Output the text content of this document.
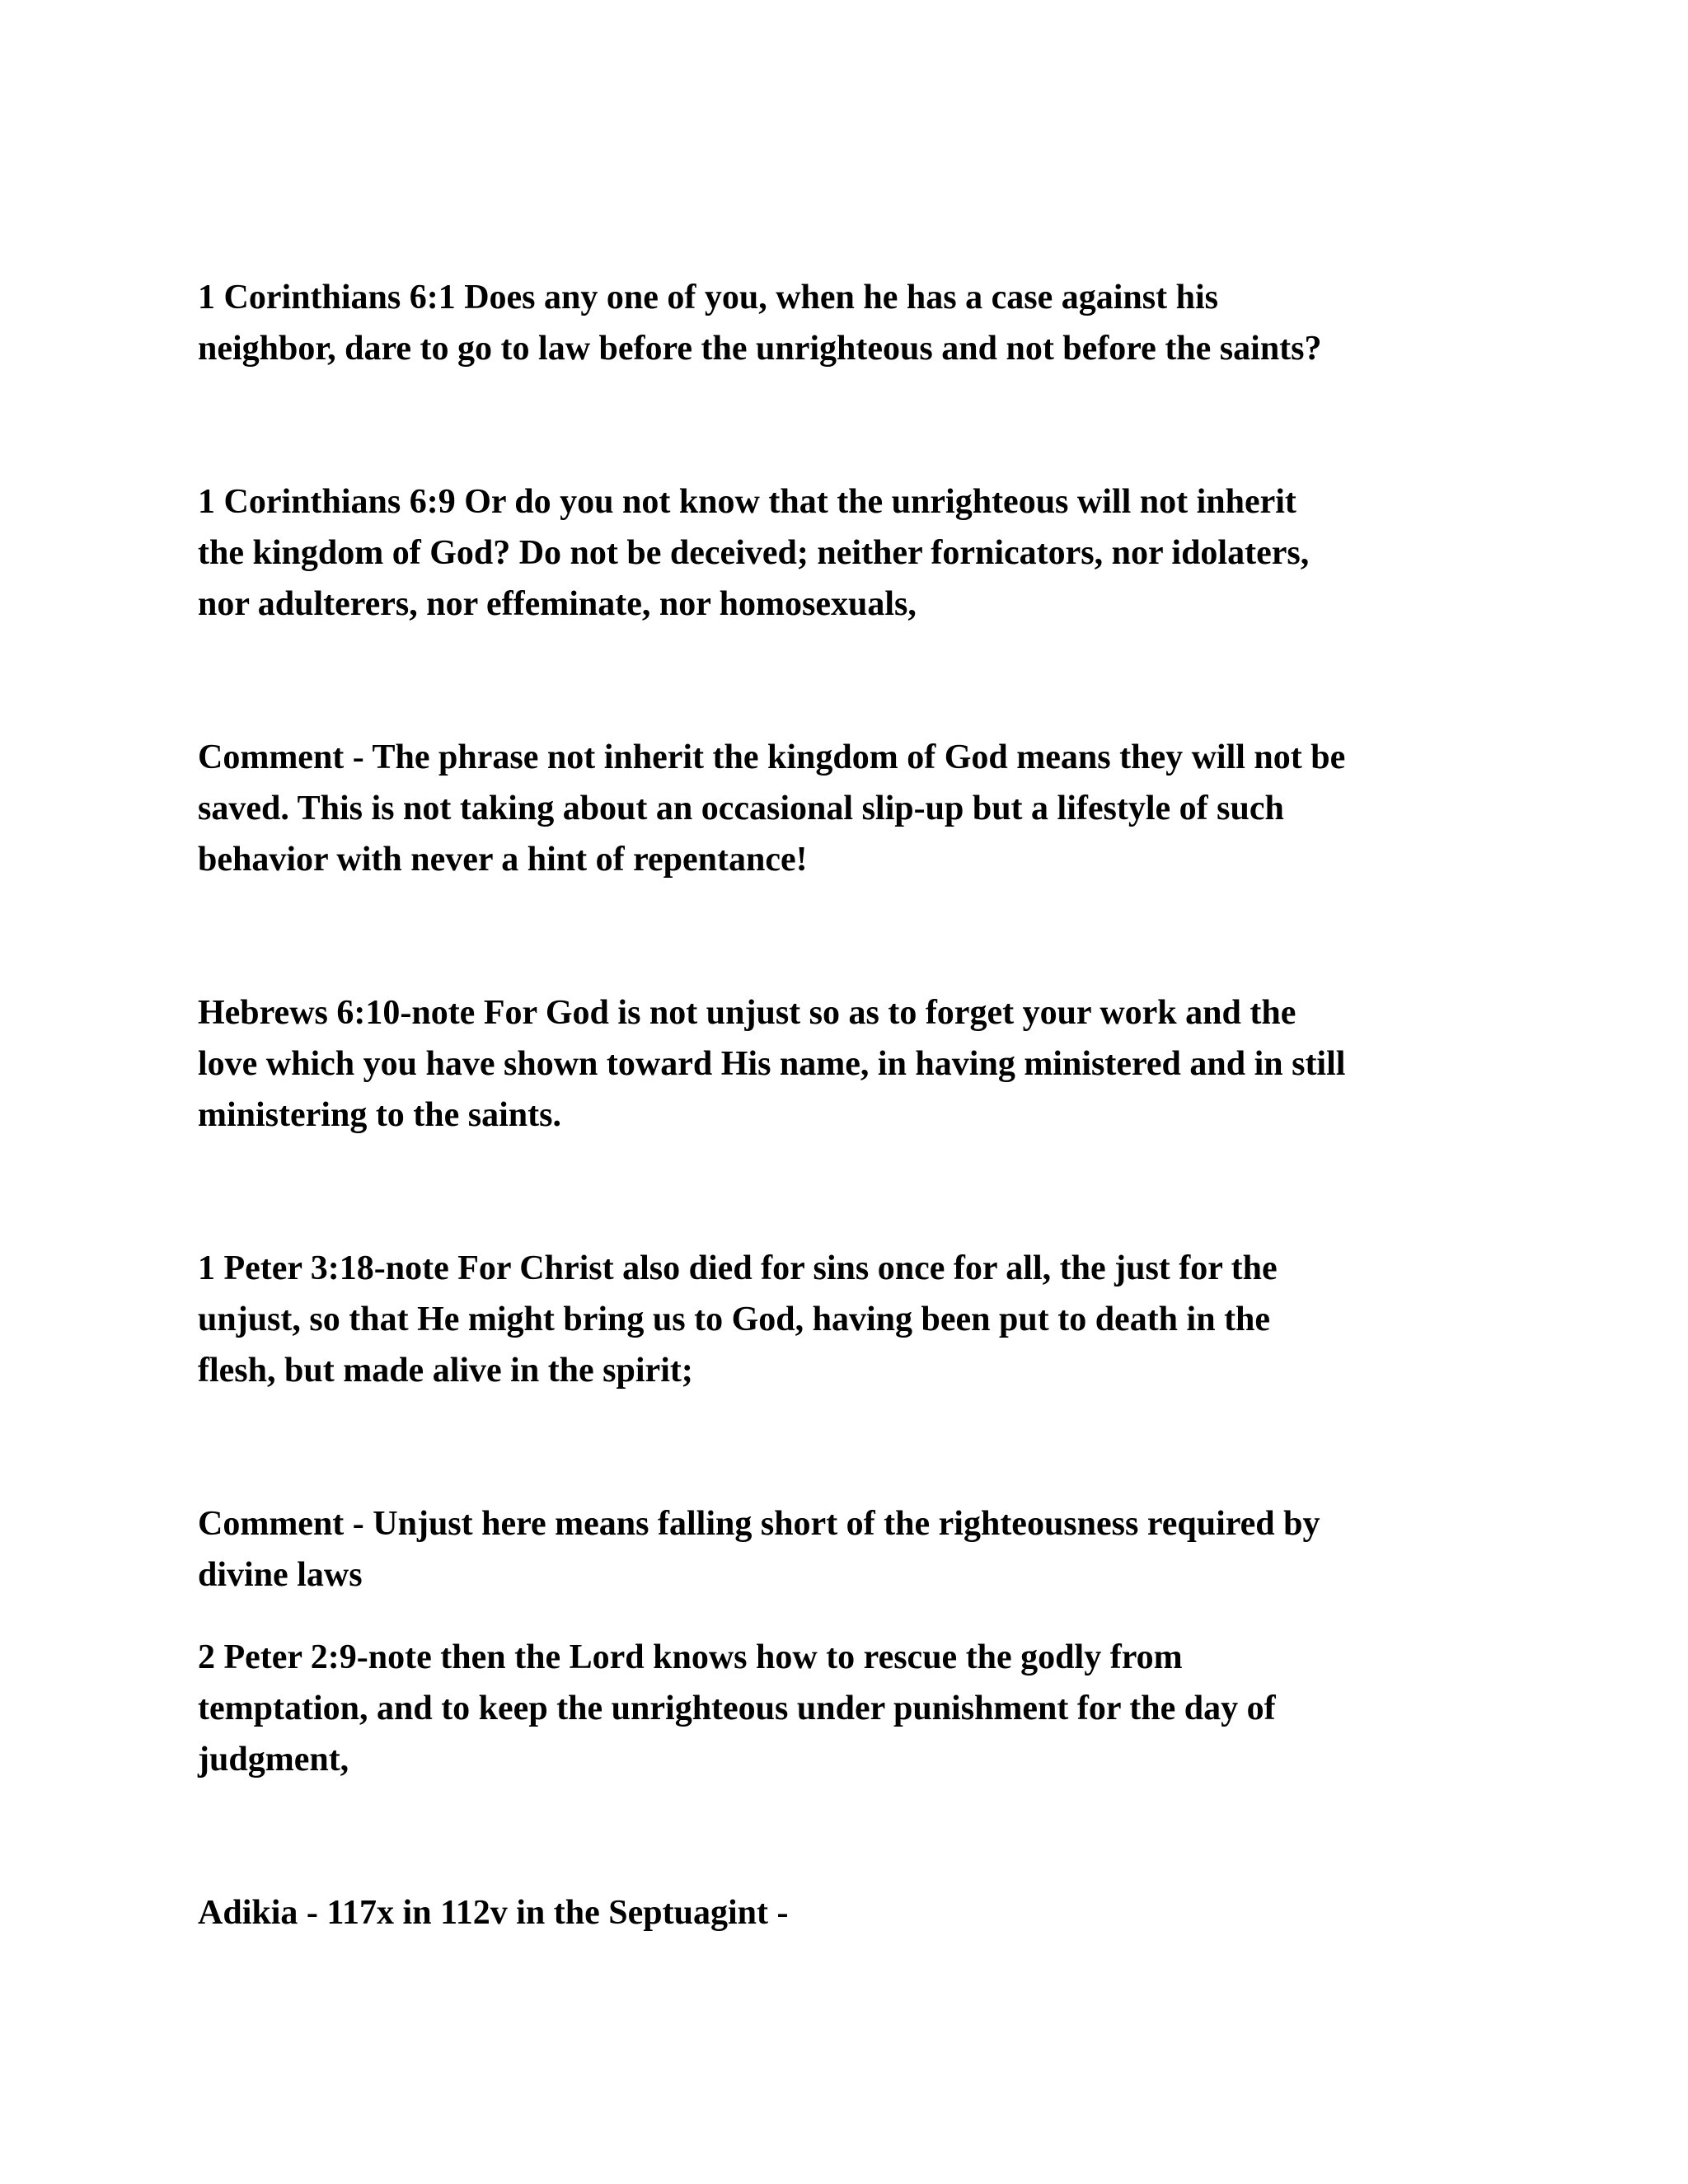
1 Corinthians 6:1 Does any one of you, when he has a case against his
neighbor, dare to go to law before the unrighteous and not before the saints?

1 Corinthians 6:9 Or do you not know that the unrighteous will not inherit
the kingdom of God? Do not be deceived; neither fornicators, nor idolaters,
nor adulterers, nor effeminate, nor homosexuals,

Comment - The phrase not inherit the kingdom of God means they will not be
saved. This is not taking about an occasional slip-up but a lifestyle of such
behavior with never a hint of repentance!

Hebrews 6:10-note For God is not unjust so as to forget your work and the
love which you have shown toward His name, in having ministered and in still
ministering to the saints.

1 Peter 3:18-note For Christ also died for sins once for all, the just for the
unjust, so that He might bring us to God, having been put to death in the
flesh, but made alive in the spirit;

Comment - Unjust here means falling short of the righteousness required by
divine laws

2 Peter 2:9-note then the Lord knows how to rescue the godly from
temptation, and to keep the unrighteous under punishment for the day of
judgment,

Adikia - 117x in 112v in the Septuagint -
